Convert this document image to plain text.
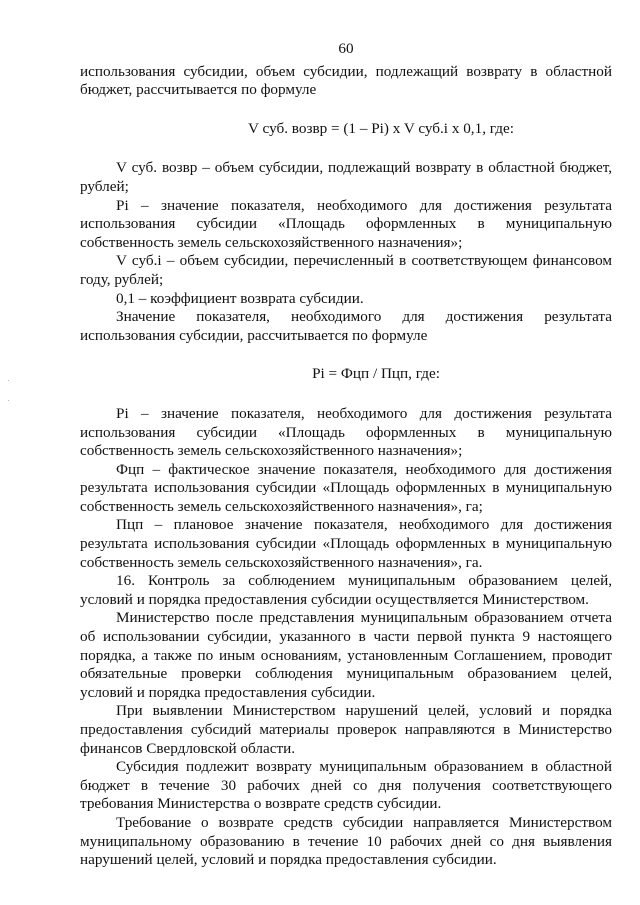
60

использования субсидии, объем субсидии, подлежащий возврату в областной бюджет, рассчитывается по формуле

V суб. возвр = (1 – Pi) x V суб.i x 0,1, где:

V суб. возвр – объем субсидии, подлежащий возврату в областной бюджет, рублей;

Pi – значение показателя, необходимого для достижения результата использования субсидии «Площадь оформленных в муниципальную собственность земель сельскохозяйственного назначения»;

V суб.i – объем субсидии, перечисленный в соответствующем финансовом году, рублей;

0,1 – коэффициент возврата субсидии.

Значение показателя, необходимого для достижения результата использования субсидии, рассчитывается по формуле

Pi = Фцп / Пцп, где:

Pi – значение показателя, необходимого для достижения результата использования субсидии «Площадь оформленных в муниципальную собственность земель сельскохозяйственного назначения»;

Фцп – фактическое значение показателя, необходимого для достижения результата использования субсидии «Площадь оформленных в муниципальную собственность земель сельскохозяйственного назначения», га;

Пцп – плановое значение показателя, необходимого для достижения результата использования субсидии «Площадь оформленных в муниципальную собственность земель сельскохозяйственного назначения», га.

16. Контроль за соблюдением муниципальным образованием целей, условий и порядка предоставления субсидии осуществляется Министерством.

Министерство после представления муниципальным образованием отчета об использовании субсидии, указанного в части первой пункта 9 настоящего порядка, а также по иным основаниям, установленным Соглашением, проводит обязательные проверки соблюдения муниципальным образованием целей, условий и порядка предоставления субсидии.

При выявлении Министерством нарушений целей, условий и порядка предоставления субсидий материалы проверок направляются в Министерство финансов Свердловской области.

Субсидия подлежит возврату муниципальным образованием в областной бюджет в течение 30 рабочих дней со дня получения соответствующего требования Министерства о возврате средств субсидии.

Требование о возврате средств субсидии направляется Министерством муниципальному образованию в течение 10 рабочих дней со дня выявления нарушений целей, условий и порядка предоставления субсидии.
